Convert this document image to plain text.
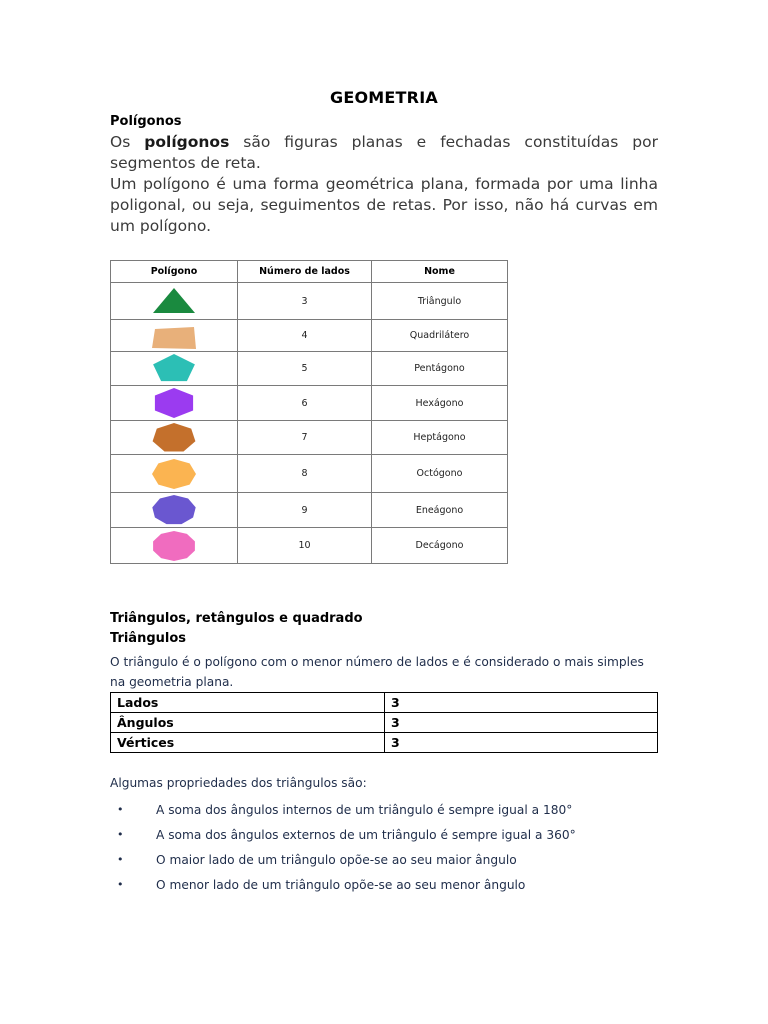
GEOMETRIA
Polígonos
Os polígonos são figuras planas e fechadas constituídas por segmentos de reta.
Um polígono é uma forma geométrica plana, formada por uma linha poligonal, ou seja, seguimentos de retas. Por isso, não há curvas em um polígono.
Polígono	Número de lados	Nome

	3	Triângulo

	4	Quadrilátero

	5	Pentágono

	6	Hexágono

	7	Heptágono

	8	Octógono

	9	Eneágono

	10	Decágono
Triângulos, retângulos e quadrado
Triângulos
O triângulo é o polígono com o menor número de lados e é considerado o mais simples na geometria plana.
Lados	3
Ângulos	3
Vértices	3
Algumas propriedades dos triângulos são:
•	A soma dos ângulos internos de um triângulo é sempre igual a 180°
•	A soma dos ângulos externos de um triângulo é sempre igual a 360°
•	O maior lado de um triângulo opõe-se ao seu maior ângulo
•	O menor lado de um triângulo opõe-se ao seu menor ângulo
